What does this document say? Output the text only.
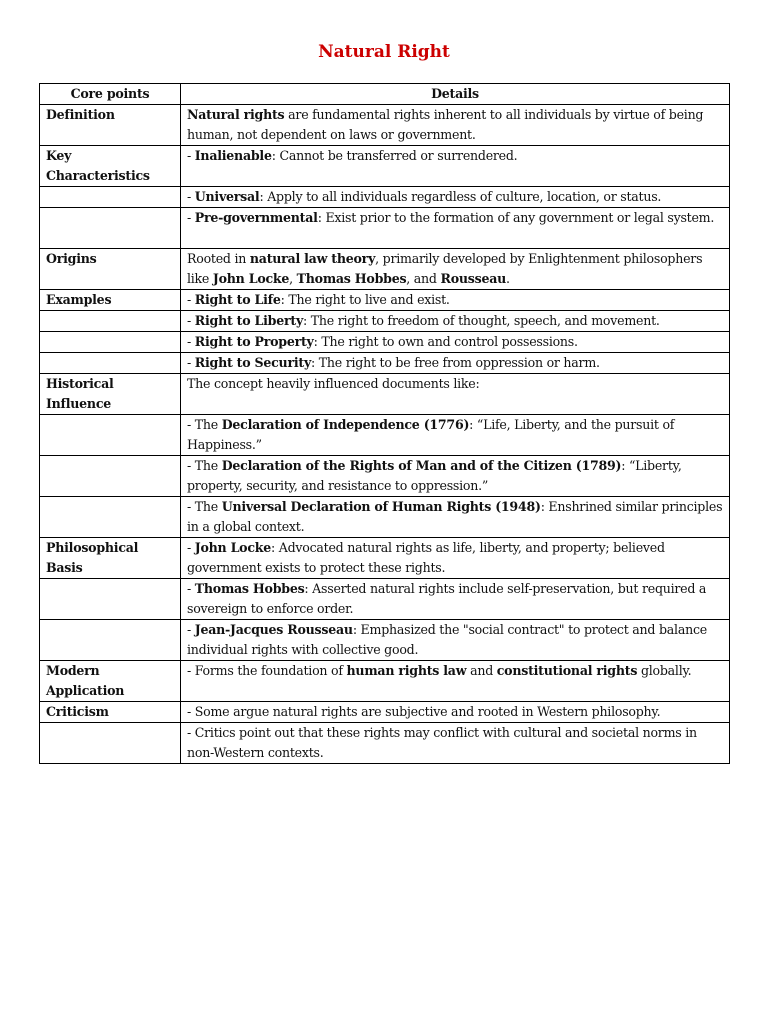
Natural Right
Core points	Details
Definition	Natural rights are fundamental rights inherent to all individuals by virtue of being human, not dependent on laws or government.
Key Characteristics	- Inalienable: Cannot be transferred or surrendered.
	- Universal: Apply to all individuals regardless of culture, location, or status.
	- Pre-governmental: Exist prior to the formation of any government or legal system.
Origins	Rooted in natural law theory, primarily developed by Enlightenment philosophers like John Locke, Thomas Hobbes, and Rousseau.
Examples	- Right to Life: The right to live and exist.
	- Right to Liberty: The right to freedom of thought, speech, and movement.
	- Right to Property: The right to own and control possessions.
	- Right to Security: The right to be free from oppression or harm.
Historical Influence	The concept heavily influenced documents like:
	- The Declaration of Independence (1776): “Life, Liberty, and the pursuit of Happiness.”
	- The Declaration of the Rights of Man and of the Citizen (1789): “Liberty, property, security, and resistance to oppression.”
	- The Universal Declaration of Human Rights (1948): Enshrined similar principles in a global context.
Philosophical Basis	- John Locke: Advocated natural rights as life, liberty, and property; believed government exists to protect these rights.
	- Thomas Hobbes: Asserted natural rights include self-preservation, but required a sovereign to enforce order.
	- Jean-Jacques Rousseau: Emphasized the "social contract" to protect and balance individual rights with collective good.
Modern Application	- Forms the foundation of human rights law and constitutional rights globally.
Criticism	- Some argue natural rights are subjective and rooted in Western philosophy.
	- Critics point out that these rights may conflict with cultural and societal norms in non-Western contexts.
